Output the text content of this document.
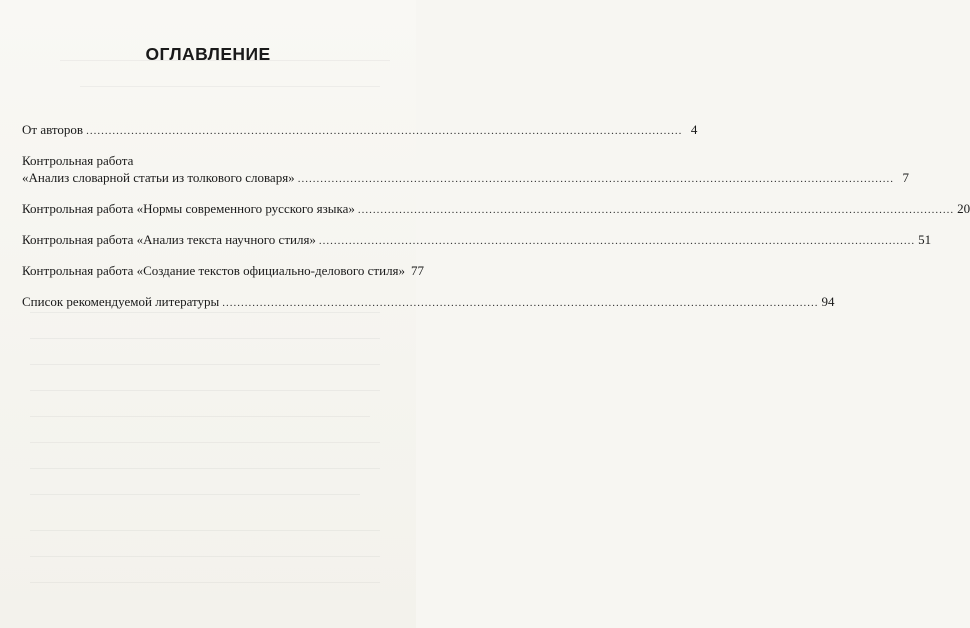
ОГЛАВЛЕНИЕ
От авторов .....	4
Контрольная работа
«Анализ словарной статьи из толкового словаря» .....	7
Контрольная работа «Нормы современного русского языка» .....	20
Контрольная работа «Анализ текста научного стиля» .....	51
Контрольная работа «Создание текстов официально-делового стиля» 77
Список рекомендуемой литературы .....	94
